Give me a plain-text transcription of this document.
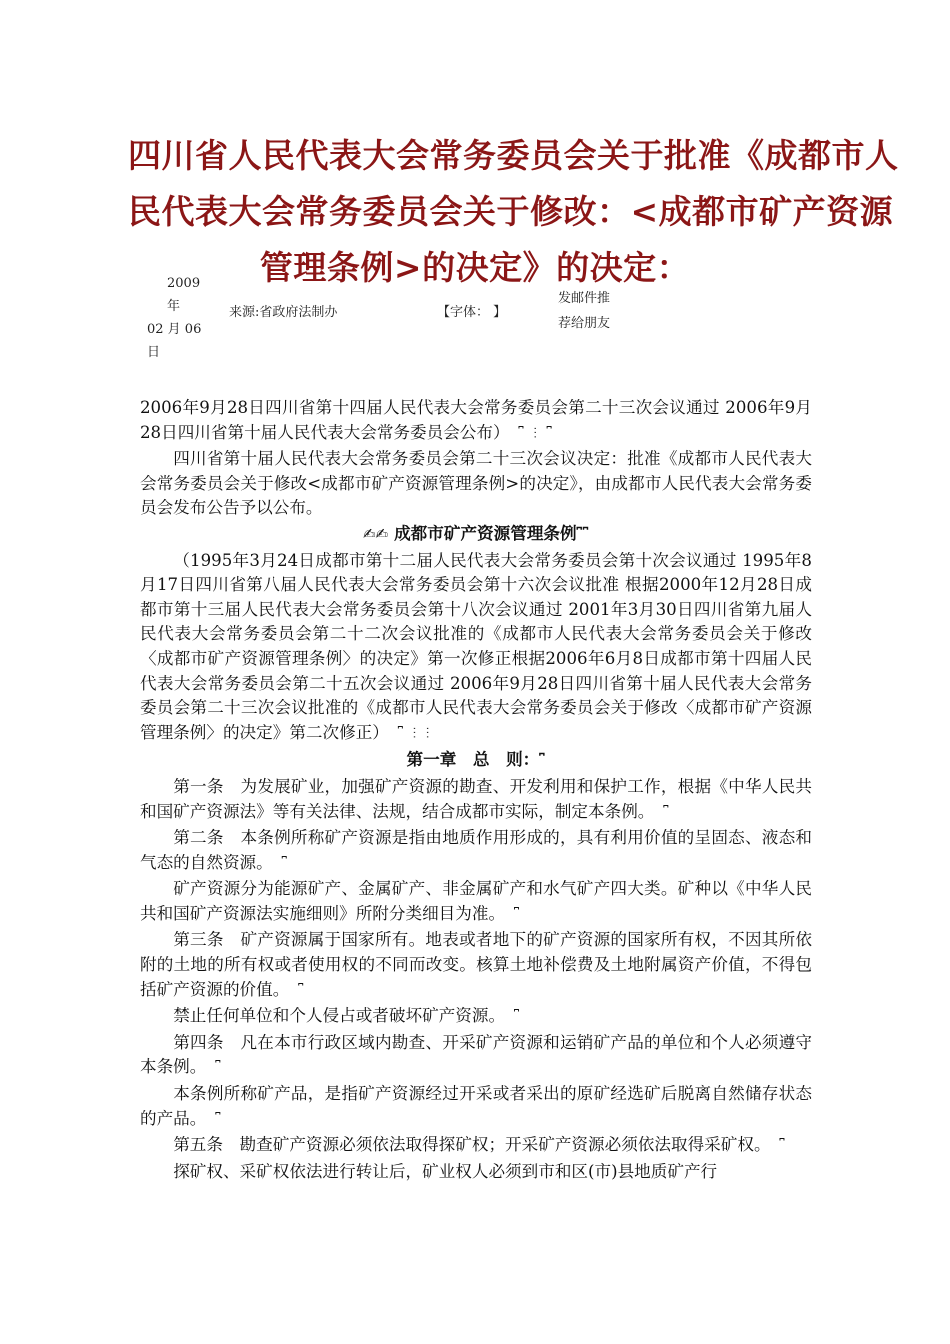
四川省人民代表大会常务委员会关于批准《成都市人
民代表大会常务委员会关于修改：<成都市矿产资源
管理条例>的决定》的决定：
2009 年
02 月 06
日
来源:省政府法制办	【字体： 】
发邮件推
荐给朋友

2006年9月28日四川省第十四届人民代表大会常务委员会第二十三次会议通过 2006年9月28日四川省第十届人民代表大会常务委员会公布） ⎴ ⋮ ⎴

四川省第十届人民代表大会常务委员会第二十三次会议决定：批准《成都市人民代表大会常务委员会关于修改<成都市矿产资源管理条例>的决定》，由成都市人民代表大会常务委员会发布公告予以公布。

✍✍ 成都市矿产资源管理条例⎴⎴

（1995年3月24日成都市第十二届人民代表大会常务委员会第十次会议通过 1995年8月17日四川省第八届人民代表大会常务委员会第十六次会议批准 根据2000年12月28日成都市第十三届人民代表大会常务委员会第十八次会议通过 2001年3月30日四川省第九届人民代表大会常务委员会第二十二次会议批准的《成都市人民代表大会常务委员会关于修改〈成都市矿产资源管理条例〉的决定》第一次修正根据2006年6月8日成都市第十四届人民代表大会常务委员会第二十五次会议通过 2006年9月28日四川省第十届人民代表大会常务委员会第二十三次会议批准的《成都市人民代表大会常务委员会关于修改〈成都市矿产资源管理条例〉的决定》第二次修正） ⎴ ⋮ ⋮

第一章　总　则：⎴

第一条　为发展矿业，加强矿产资源的勘查、开发利用和保护工作，根据《中华人民共和国矿产资源法》等有关法律、法规，结合成都市实际，制定本条例。 ⎴

第二条　本条例所称矿产资源是指由地质作用形成的，具有利用价值的呈固态、液态和气态的自然资源。 ⎴

矿产资源分为能源矿产、金属矿产、非金属矿产和水气矿产四大类。矿种以《中华人民共和国矿产资源法实施细则》所附分类细目为准。 ⎴

第三条　矿产资源属于国家所有。地表或者地下的矿产资源的国家所有权，不因其所依附的土地的所有权或者使用权的不同而改变。核算土地补偿费及土地附属资产价值，不得包括矿产资源的价值。 ⎴

禁止任何单位和个人侵占或者破坏矿产资源。 ⎴

第四条　凡在本市行政区域内勘查、开采矿产资源和运销矿产品的单位和个人必须遵守本条例。 ⎴

本条例所称矿产品，是指矿产资源经过开采或者采出的原矿经选矿后脱离自然储存状态的产品。 ⎴

第五条　勘查矿产资源必须依法取得探矿权；开采矿产资源必须依法取得采矿权。 ⎴

探矿权、采矿权依法进行转让后，矿业权人必须到市和区(市)县地质矿产行
